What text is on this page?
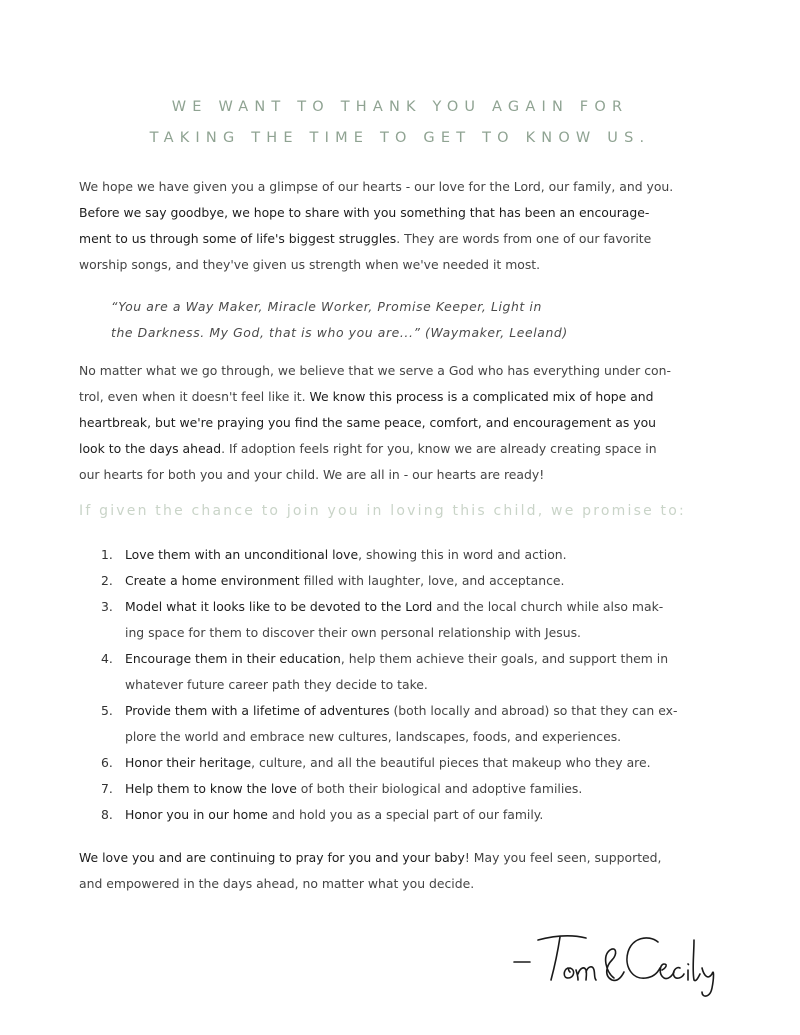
WE WANT TO THANK YOU AGAIN FOR
TAKING THE TIME TO GET TO KNOW US.
We hope we have given you a glimpse of our hearts - our love for the Lord, our family, and you.
Before we say goodbye, we hope to share with you something that has been an encourage-
ment to us through some of life's biggest struggles. They are words from one of our favorite
worship songs, and they've given us strength when we've needed it most.
“You are a Way Maker, Miracle Worker, Promise Keeper, Light in
the Darkness. My God, that is who you are...” (Waymaker, Leeland)
No matter what we go through, we believe that we serve a God who has everything under con-
trol, even when it doesn't feel like it. We know this process is a complicated mix of hope and
heartbreak, but we're praying you find the same peace, comfort, and encouragement as you
look to the days ahead. If adoption feels right for you, know we are already creating space in
our hearts for both you and your child. We are all in - our hearts are ready!
If given the chance to join you in loving this child, we promise to:
1. Love them with an unconditional love, showing this in word and action.
2. Create a home environment filled with laughter, love, and acceptance.
3. Model what it looks like to be devoted to the Lord and the local church while also mak-
ing space for them to discover their own personal relationship with Jesus.
4. Encourage them in their education, help them achieve their goals, and support them in
whatever future career path they decide to take.
5. Provide them with a lifetime of adventures (both locally and abroad) so that they can ex-
plore the world and embrace new cultures, landscapes, foods, and experiences.
6. Honor their heritage, culture, and all the beautiful pieces that makeup who they are.
7. Help them to know the love of both their biological and adoptive families.
8. Honor you in our home and hold you as a special part of our family.
We love you and are continuing to pray for you and your baby! May you feel seen, supported,
and empowered in the days ahead, no matter what you decide.
- Tom&Cecily
